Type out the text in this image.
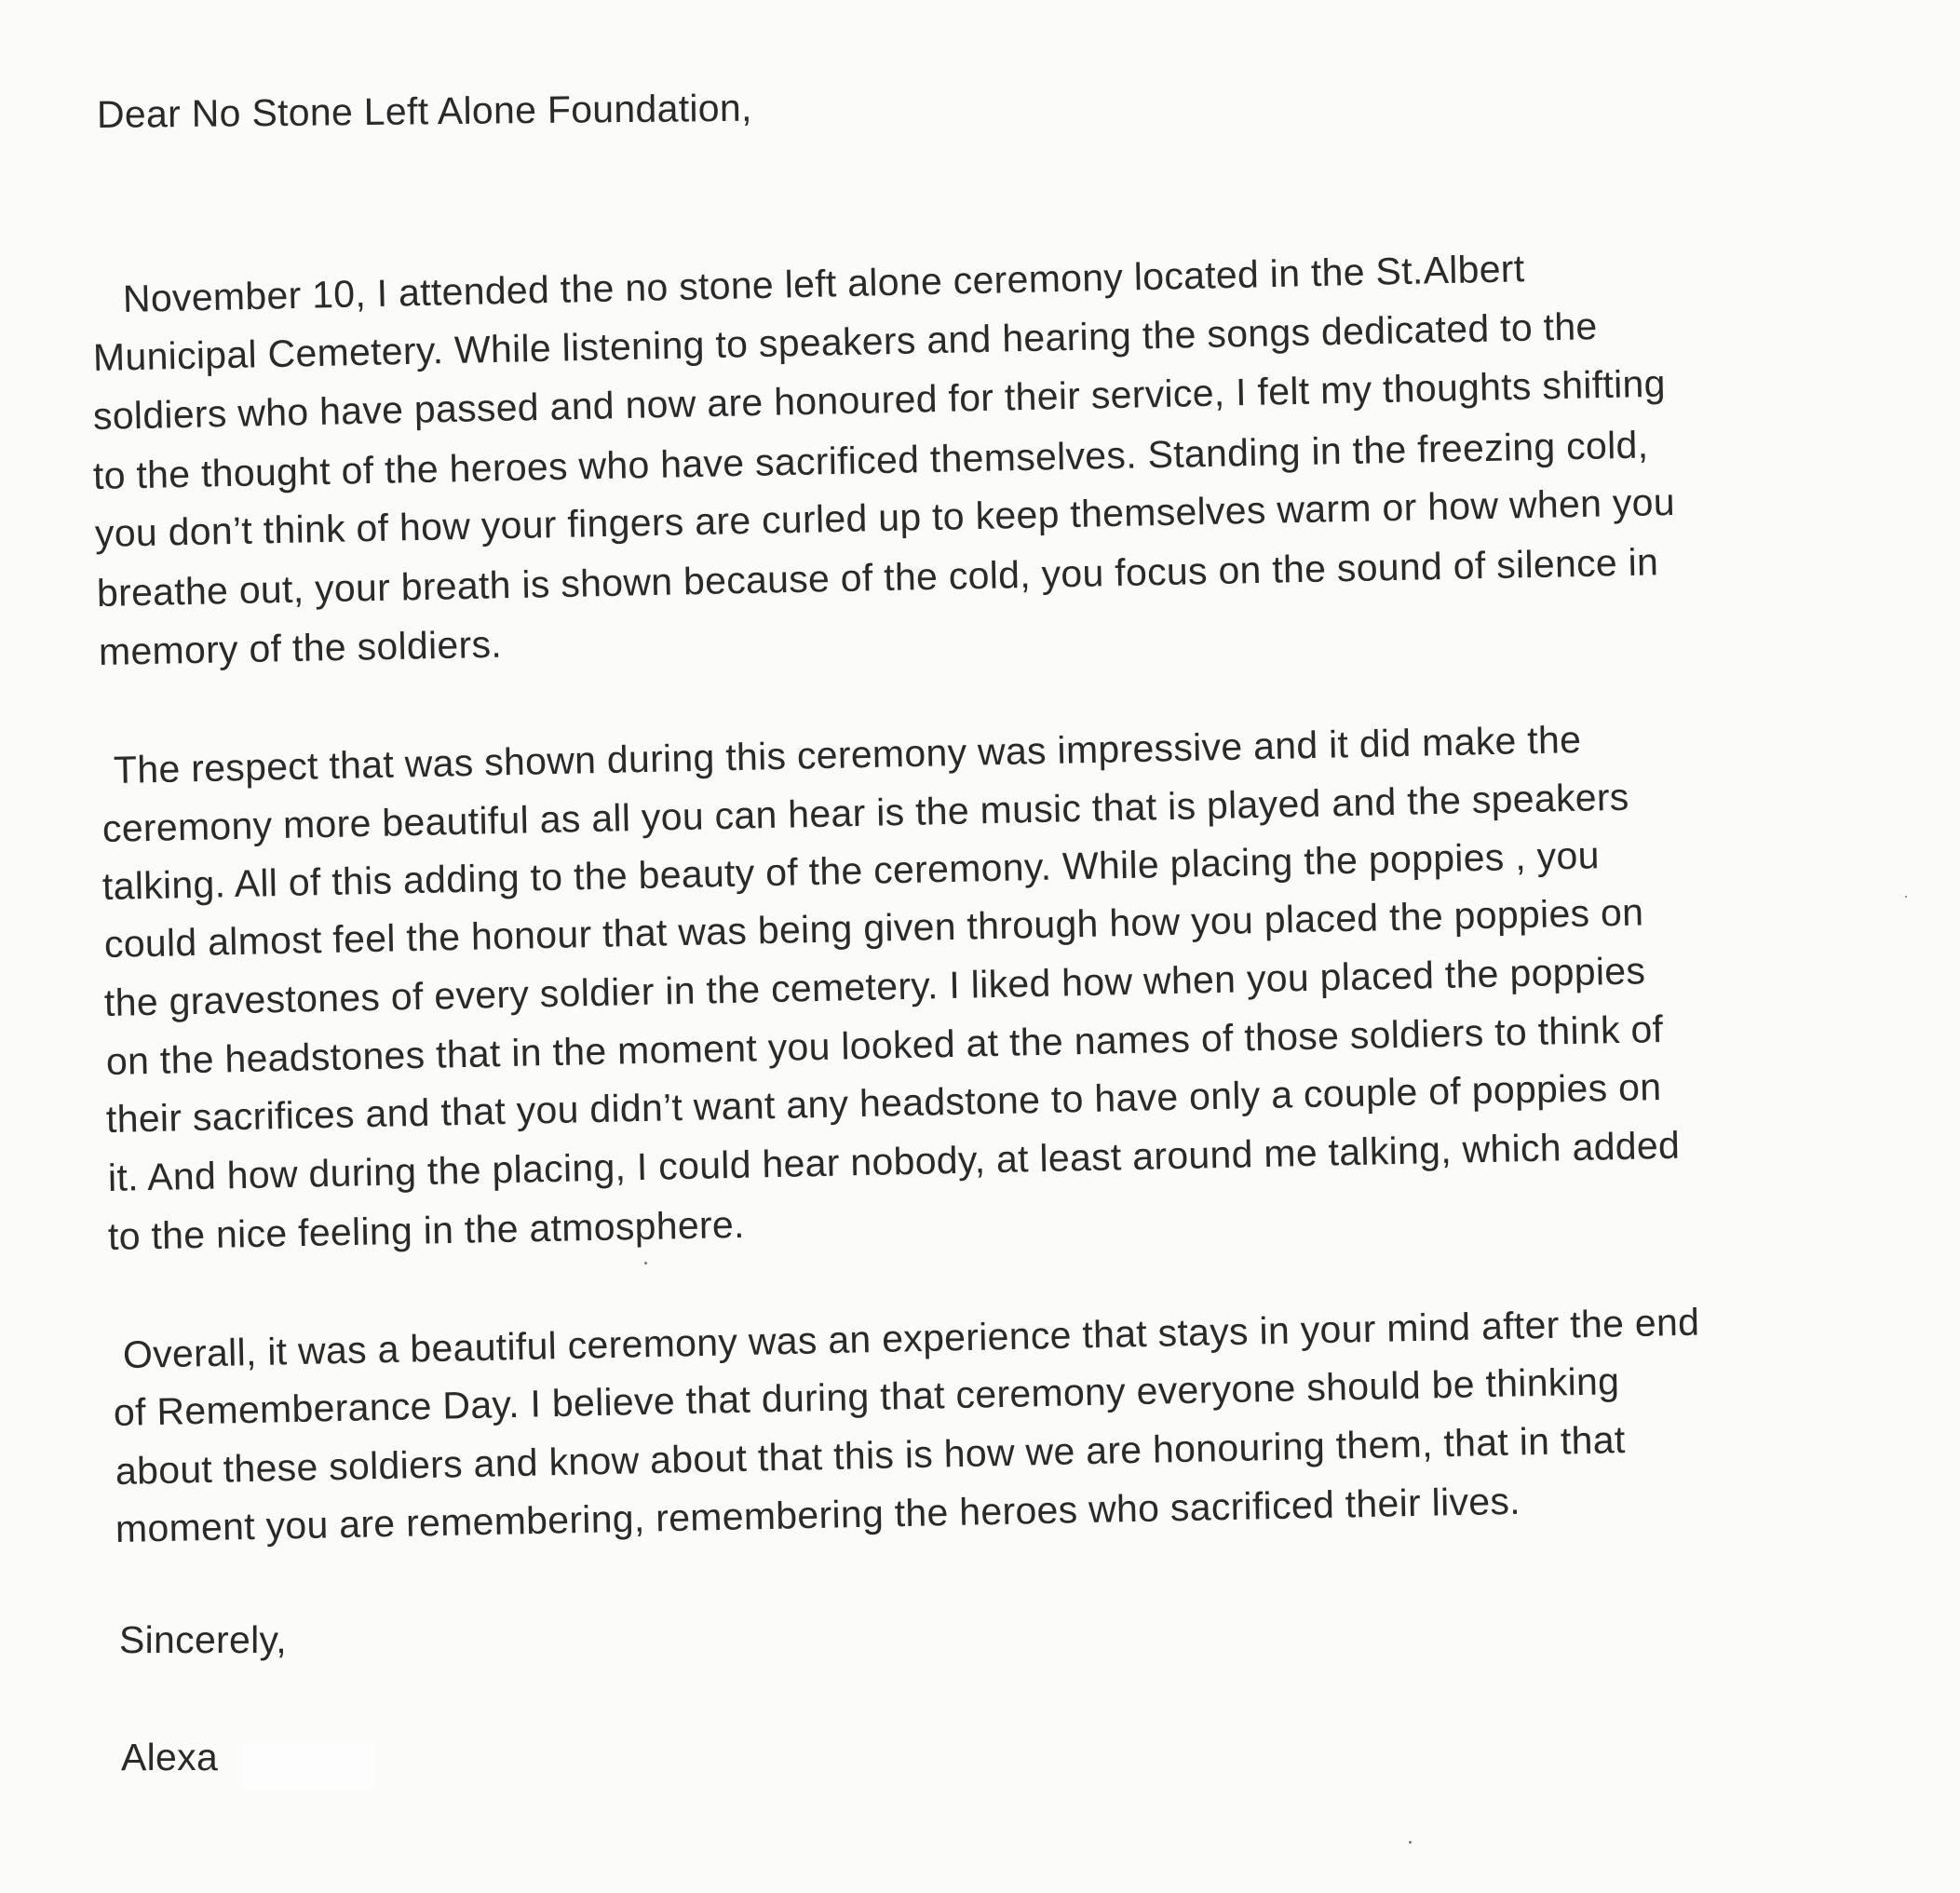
Dear No Stone Left Alone Foundation,
November 10, I attended the no stone left alone ceremony located in the St.Albert
Municipal Cemetery. While listening to speakers and hearing the songs dedicated to the
soldiers who have passed and now are honoured for their service, I felt my thoughts shifting
to the thought of the heroes who have sacrificed themselves. Standing in the freezing cold,
you don’t think of how your fingers are curled up to keep themselves warm or how when you
breathe out, your breath is shown because of the cold, you focus on the sound of silence in
memory of the soldiers.
The respect that was shown during this ceremony was impressive and it did make the
ceremony more beautiful as all you can hear is the music that is played and the speakers
talking. All of this adding to the beauty of the ceremony. While placing the poppies , you
could almost feel the honour that was being given through how you placed the poppies on
the gravestones of every soldier in the cemetery. I liked how when you placed the poppies
on the headstones that in the moment you looked at the names of those soldiers to think of
their sacrifices and that you didn’t want any headstone to have only a couple of poppies on
it. And how during the placing, I could hear nobody, at least around me talking, which added
to the nice feeling in the atmosphere.
Overall, it was a beautiful ceremony was an experience that stays in your mind after the end
of Rememberance Day. I believe that during that ceremony everyone should be thinking
about these soldiers and know about that this is how we are honouring them, that in that
moment you are remembering, remembering the heroes who sacrificed their lives.
Sincerely,
Alexa
